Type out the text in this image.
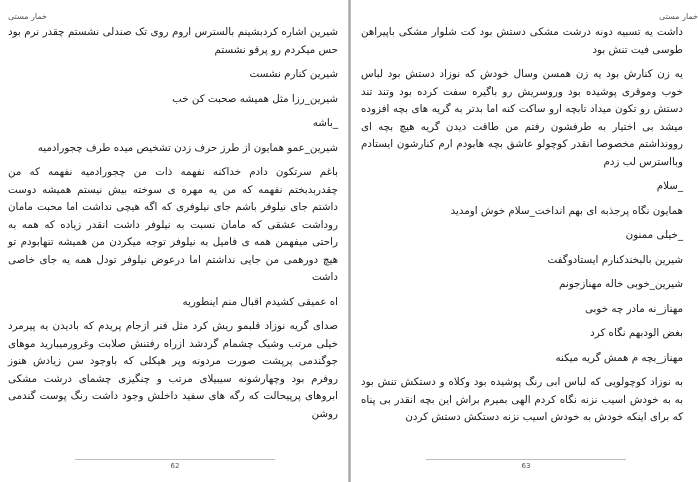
خمار مستی

شیرین اشاره کردبشینم بالسترس اروم روی تک صندلی نشستم چقدر نرم بود حس میکردم رو پرقو نشستم

شیرین کنارم نشست

شیرین_رزا مثل همیشه صحبت کن خب

_باشه

شیرین_عمو همایون از طرز حرف زدن تشخیص میده طرف چجورادمیه

باغم سرتکون دادم خداکنه نفهمه ذات من چجورادمیه نفهمه که من چقدربدبختم نفهمه که من یه مهره ی سوخته بیش نیستم همیشه دوست داشتم جای نیلوفر باشم جای نیلوفری که اگه هیچی نداشت اما محبت مامان روداشت عشقی که مامان نسبت به نیلوفر داشت انقدر زیاده که همه به راحتی میفهمن همه ی فامیل به نیلوفر توجه میکردن من همیشه تنهابودم تو هیچ دورهمی من جایی نداشتم اما درعوض نیلوفر تودل همه یه جای خاصی داشت

اه عمیقی کشیدم اقبال منم اینطوریه

صدای گریه نوزاد قلبمو ریش کرد مثل فنر ازجام پریدم که بادیدن یه پیرمرد خیلی مرتب وشیک چشمام گردشد ازراه رفتنش صلابت وغرورمیبارید موهای جوگندمی پرپشت صورت مردونه وپر هیکلی که باوجود سن زیادش هنوز روفرم بود وچهارشونه سیبیلای مرتب و چنگیزی چشمای درشت مشکی ابروهای پرپیحالت که رگه های سفید داخلش وجود داشت رنگ پوست گندمی روشن

62
خمار مستی

داشت یه تسبیه دونه درشت مشکی دستش بود کت شلوار مشکی باپیراهن طوسی فیت تنش بود

یه زن کنارش بود یه زن همسن وسال خودش که نوزاد دستش بود لباس خوب وموقری پوشیده بود وروسریش رو باگیره سفت کرده بود وتند تند دستش رو تکون میداد تابچه ارو ساکت کنه اما بدتر به گریه های بچه افزوده میشد بی اختیار به طرفشون رفتم من طاقت دیدن گریه هیچ بچه ای روونداشتم مخصوصا انقدر کوچولو عاشق بچه هابودم ارم کنارشون ایستادم وبااسترس لب زدم

_سلام

همایون نگاه پرجذبه ای بهم انداخت_سلام خوش اومدید

_خیلی ممنون

شیرین بالبخندکنارم ایستادوگفت

شیرین_خوبی خاله مهنازجونم

مهناز_نه مادر چه خوبی

بغض الودبهم نگاه کرد

مهناز_بچه م همش گریه میکنه

به نوزاد کوچولویی که لباس ابی رنگ پوشیده بود وکلاه و دستکش تنش بود به به خودش اسیب نزنه نگاه کردم الهی بمیرم براش این بچه انقدر بی پناه که برای اینکه خودش به خودش اسیب نزنه دستکش دستش کردن

63
